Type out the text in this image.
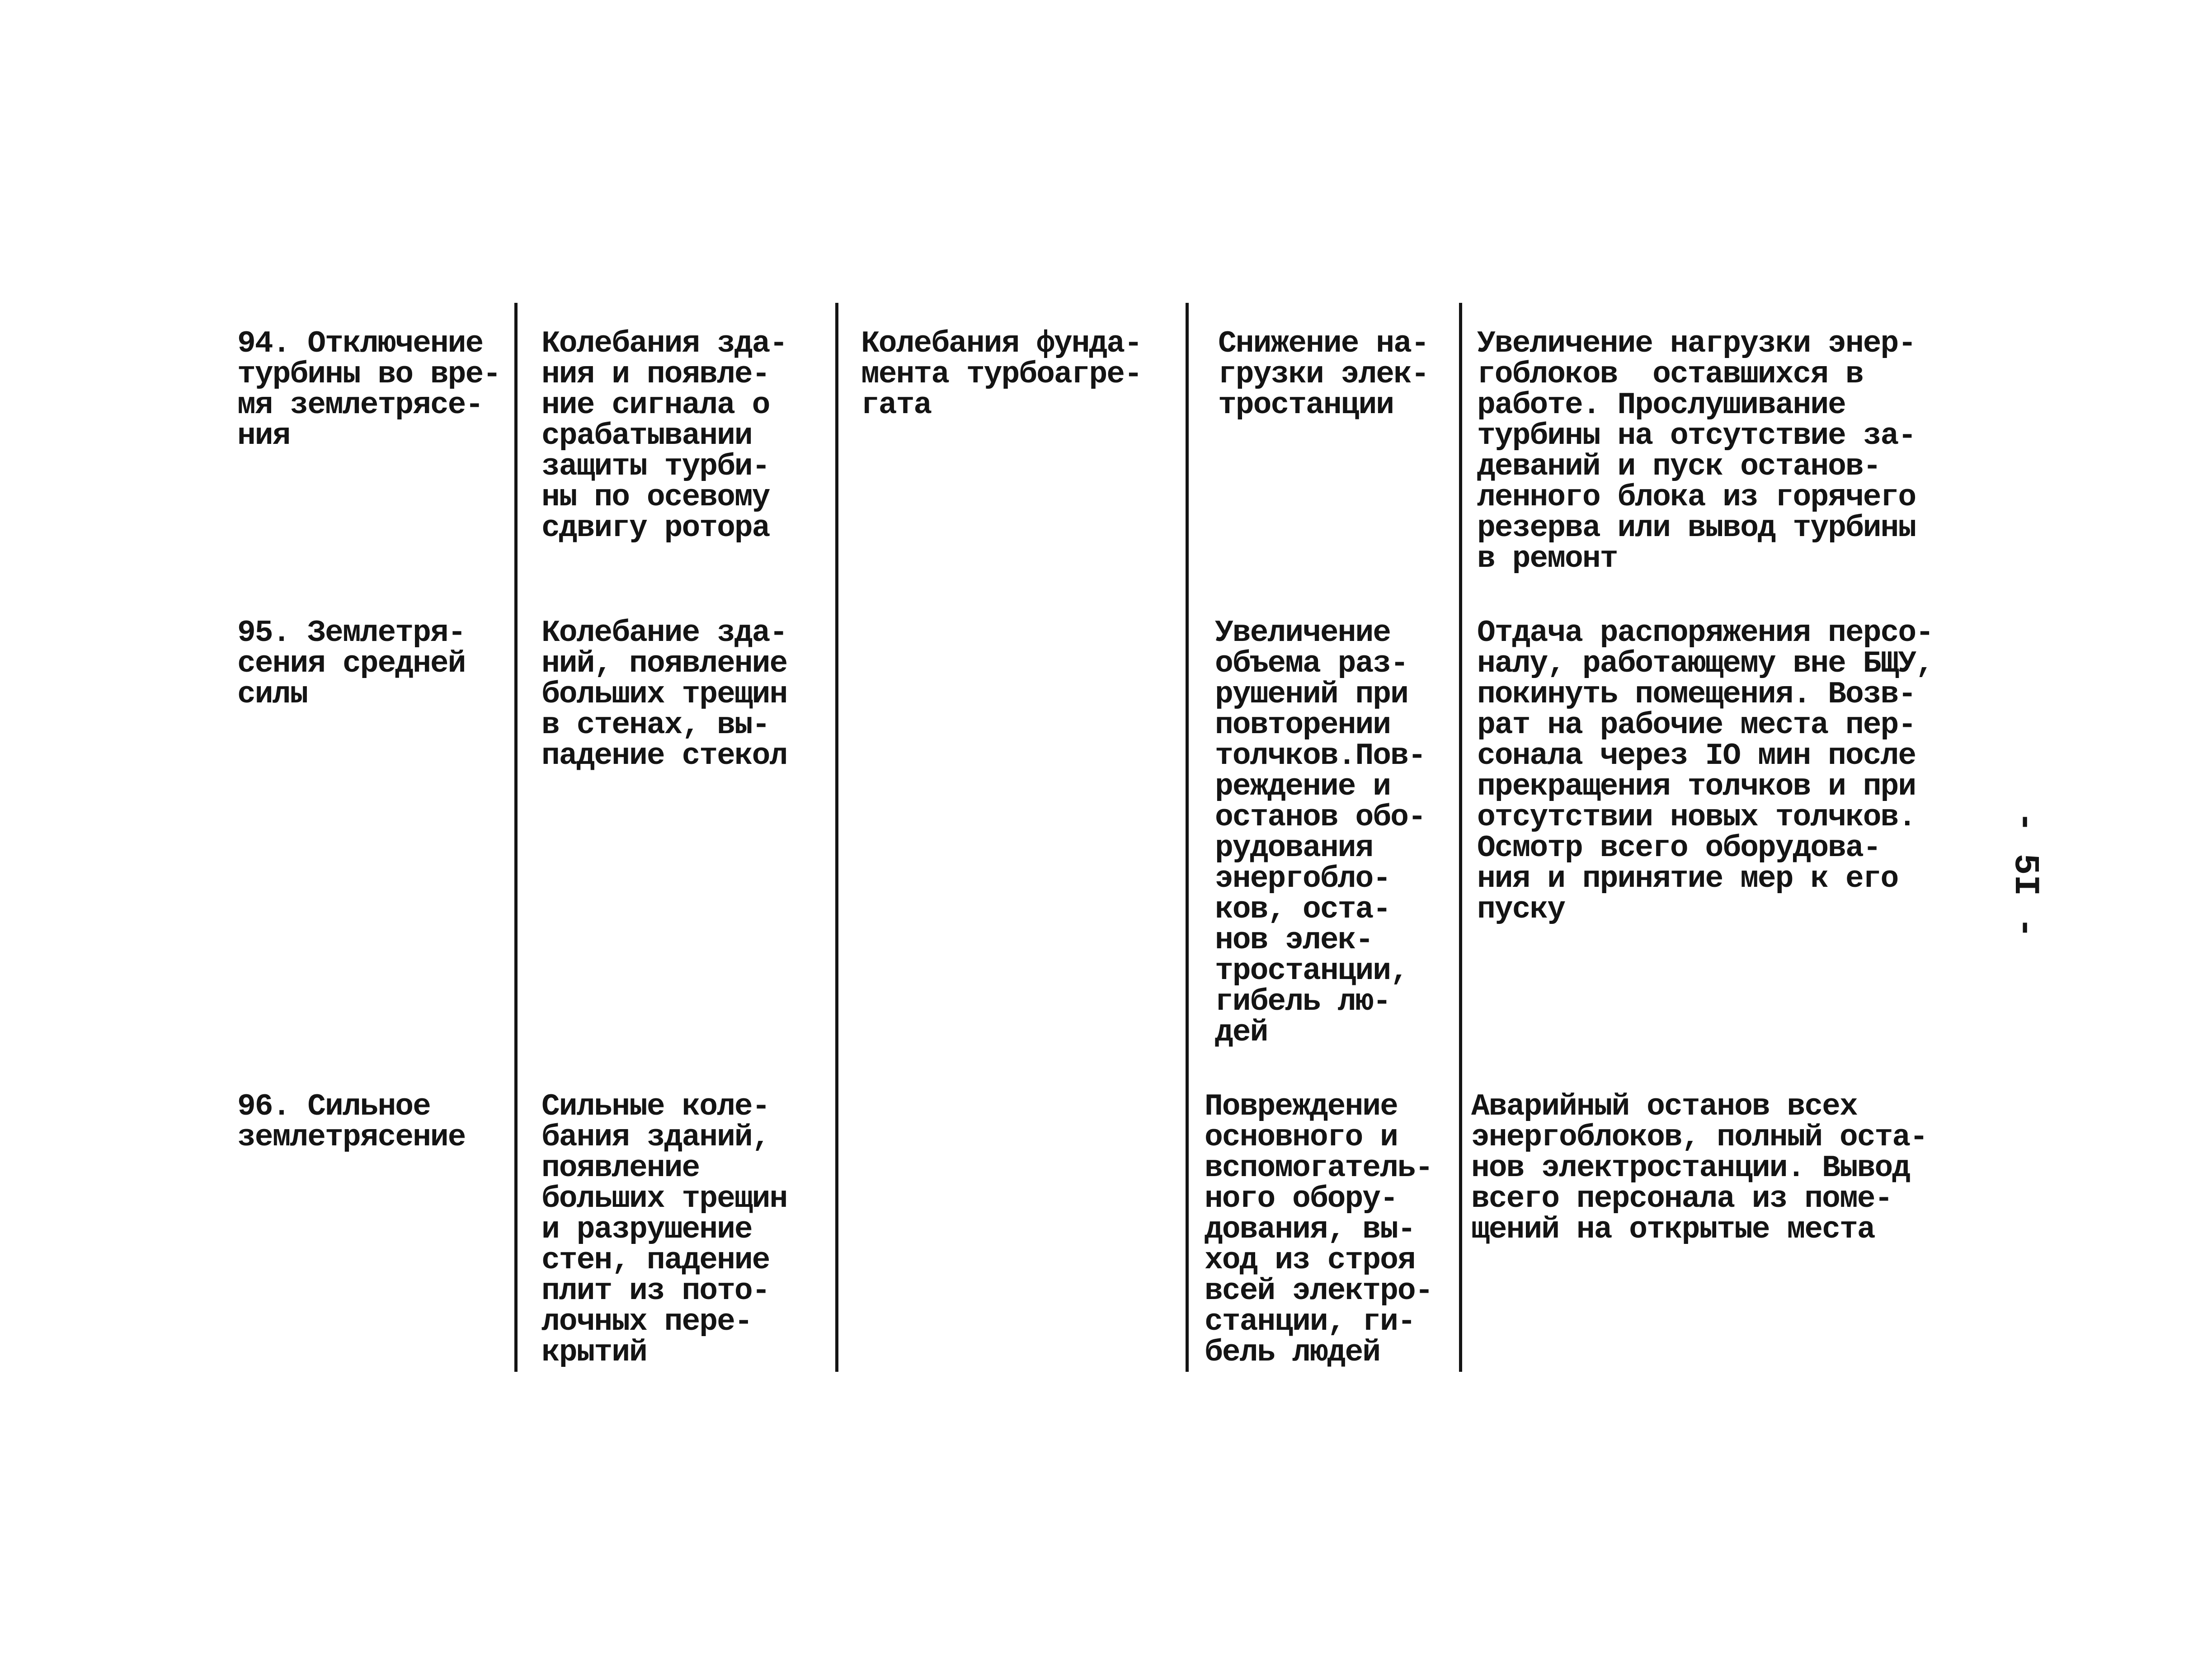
94. Отключение
турбины во вре-
мя землетрясе-
ния
Колебания зда-
ния и появле-
ние сигнала о
срабатывании
защиты турби-
ны по осевому
сдвигу ротора
Колебания фунда-
мента турбоагре-
гата
Снижение на-
грузки элек-
тростанции
Увеличение нагрузки энер-
гоблоков  оставшихся в
работе. Прослушивание
турбины на отсутствие за-
деваний и пуск останов-
ленного блока из горячего
резерва или вывод турбины
в ремонт
95. Землетря-
сения средней
силы
Колебание зда-
ний, появление
больших трещин
в стенах, вы-
падение стекол
Увеличение
объема раз-
рушений при
повторении
толчков.Пов-
реждение и
останов обо-
рудования
энергобло-
ков, оста-
нов элек-
тростанции,
гибель лю-
дей
Отдача распоряжения персо-
налу, работающему вне БЩУ,
покинуть помещения. Возв-
рат на рабочие места пер-
сонала через IO мин после
прекращения толчков и при
отсутствии новых толчков.
Осмотр всего оборудова-
ния и принятие мер к его
пуску
96. Сильное
землетрясение
Сильные коле-
бания зданий,
появление
больших трещин
и разрушение
стен, падение
плит из пото-
лочных пере-
крытий
Повреждение
основного и
вспомогатель-
ного обору-
дования, вы-
ход из строя
всей электро-
станции, ги-
бель людей
Аварийный останов всех
энергоблоков, полный оста-
нов электростанции. Вывод
всего персонала из поме-
щений на открытые места
- 5I -
